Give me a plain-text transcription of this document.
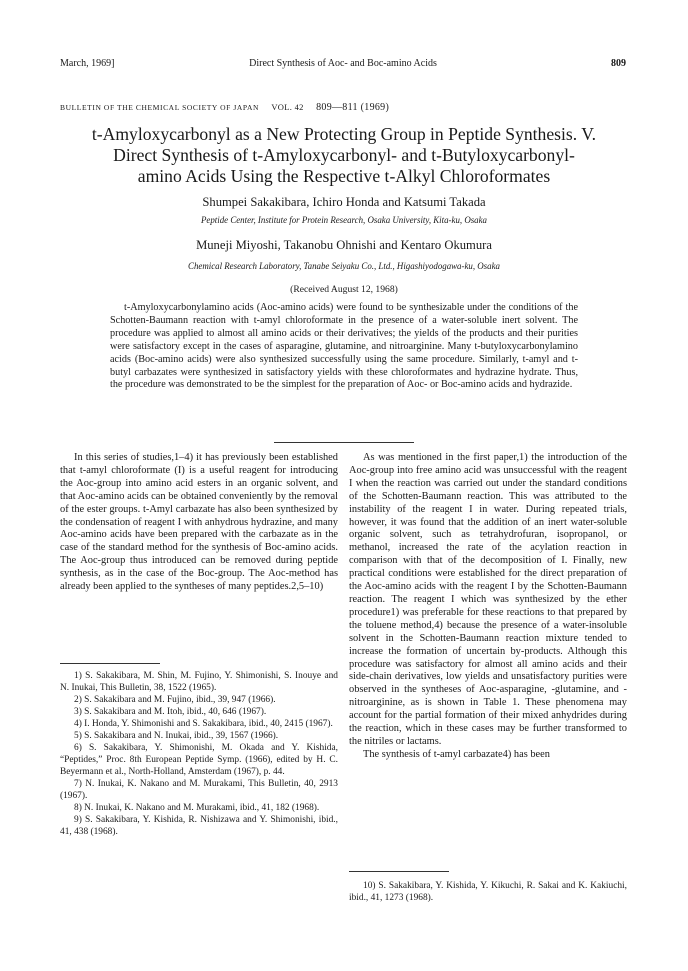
March, 1969]	Direct Synthesis of Aoc- and Boc-amino Acids	809
BULLETIN OF THE CHEMICAL SOCIETY OF JAPAN VOL. 42 809—811 (1969)
t-Amyloxycarbonyl as a New Protecting Group in Peptide Synthesis. V.
Direct Synthesis of t-Amyloxycarbonyl- and t-Butyloxycarbonyl-
amino Acids Using the Respective t-Alkyl Chloroformates
Shumpei Sakakibara, Ichiro Honda and Katsumi Takada
Peptide Center, Institute for Protein Research, Osaka University, Kita-ku, Osaka
Muneji Miyoshi, Takanobu Ohnishi and Kentaro Okumura
Chemical Research Laboratory, Tanabe Seiyaku Co., Ltd., Higashiyodogawa-ku, Osaka
(Received August 12, 1968)

t-Amyloxycarbonylamino acids (Aoc-amino acids) were found to be synthesizable under the conditions of the Schotten-Baumann reaction with t-amyl chloroformate in the presence of a water-soluble inert solvent. The procedure was applied to almost all amino acids or their derivatives; the yields of the products and their purities were satisfactory except in the cases of asparagine, glutamine, and nitroarginine. Many t-butyloxycarbonylamino acids (Boc-amino acids) were also synthesized successfully using the same procedure. Similarly, t-amyl and t-butyl carbazates were synthesized in satisfactory yields with these chloroformates and hydrazine hydrate. Thus, the procedure was demonstrated to be the simplest for the preparation of Aoc- or Boc-amino acids and hydrazide.

In this series of studies,1–4) it has previously been established that t-amyl chloroformate (I) is a useful reagent for introducing the Aoc-group into amino acid esters in an organic solvent, and that Aoc-amino acids can be obtained conveniently by the removal of the ester groups. t-Amyl carbazate has also been synthesized by the condensation of reagent I with anhydrous hydrazine, and many Aoc-amino acids have been prepared with the carbazate as in the case of the standard method for the synthesis of Boc-amino acids. The Aoc-group thus introduced can be removed during peptide synthesis, as in the case of the Boc-group. The Aoc-method has already been applied to the syntheses of many peptides.2,5–10)

1) S. Sakakibara, M. Shin, M. Fujino, Y. Shimonishi, S. Inouye and N. Inukai, This Bulletin, 38, 1522 (1965).

2) S. Sakakibara and M. Fujino, ibid., 39, 947 (1966).

3) S. Sakakibara and M. Itoh, ibid., 40, 646 (1967).

4) I. Honda, Y. Shimonishi and S. Sakakibara, ibid., 40, 2415 (1967).

5) S. Sakakibara and N. Inukai, ibid., 39, 1567 (1966).

6) S. Sakakibara, Y. Shimonishi, M. Okada and Y. Kishida, “Peptides,” Proc. 8th European Peptide Symp. (1966), edited by H. C. Beyermann et al., North-Holland, Amsterdam (1967), p. 44.

7) N. Inukai, K. Nakano and M. Murakami, This Bulletin, 40, 2913 (1967).

8) N. Inukai, K. Nakano and M. Murakami, ibid., 41, 182 (1968).

9) S. Sakakibara, Y. Kishida, R. Nishizawa and Y. Shimonishi, ibid., 41, 438 (1968).

As was mentioned in the first paper,1) the introduction of the Aoc-group into free amino acid was unsuccessful with the reagent I when the reaction was carried out under the standard conditions of the Schotten-Baumann reaction. This was attributed to the instability of the reagent I in water. During repeated trials, however, it was found that the addition of an inert water-soluble organic solvent, such as tetrahydrofuran, isopropanol, or methanol, increased the rate of the acylation reaction in comparison with that of the decomposition of I. Finally, new practical conditions were established for the direct preparation of the Aoc-amino acids with the reagent I by the Schotten-Baumann reaction. The reagent I which was synthesized by the ether procedure1) was preferable for these reactions to that prepared by the toluene method,4) because the presence of a water-insoluble solvent in the Schotten-Baumann reaction mixture tended to increase the formation of uncertain by-products. Although this procedure was satisfactory for almost all amino acids and their side-chain derivatives, low yields and unsatisfactory purities were observed in the syntheses of Aoc-asparagine, -glutamine, and -nitroarginine, as is shown in Table 1. These phenomena may account for the partial formation of their mixed anhydrides during the reaction, which in these cases may be further transformed to the nitriles or lactams.

The synthesis of t-amyl carbazate4) has been

10) S. Sakakibara, Y. Kishida, Y. Kikuchi, R. Sakai and K. Kakiuchi, ibid., 41, 1273 (1968).
